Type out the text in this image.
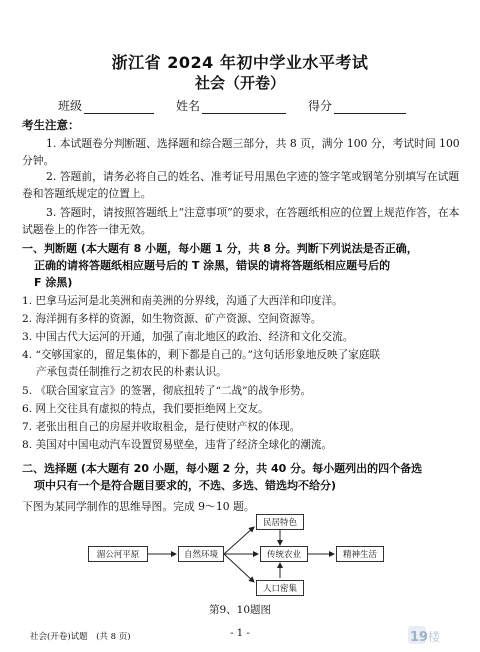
浙江省 2024 年初中学业水平考试
社会（开卷）
班级	姓名	得分
考生注意：
1. 本试题卷分判断题、选择题和综合题三部分，共 8 页，满分 100 分，考试时间 100 分钟。
2. 答题前，请务必将自己的姓名、准考证号用黑色字迹的签字笔或钢笔分别填写在试题卷和答题纸规定的位置上。
3. 答题时，请按照答题纸上“注意事项”的要求，在答题纸相应的位置上规范作答，在本试题卷上的作答一律无效。
一、判断题 (本大题有 8 小题，每小题 1 分，共 8 分。判断下列说法是否正确，
正确的请将答题纸相应题号后的 T 涂黑，错误的请将答题纸相应题号后的
F 涂黑)
1. 巴拿马运河是北美洲和南美洲的分界线，沟通了大西洋和印度洋。
2. 海洋拥有多样的资源，如生物资源、矿产资源、空间资源等。
3. 中国古代大运河的开通，加强了南北地区的政治、经济和文化交流。
4. “交够国家的，留足集体的，剩下都是自己的。”这句话形象地反映了家庭联
产承包责任制推行之初农民的朴素认识。
5. 《联合国家宣言》的签署，彻底扭转了“二战”的战争形势。
6. 网上交往具有虚拟的特点，我们要拒绝网上交友。
7. 老张出租自己的房屋并收取租金，是行使财产权的体现。
8. 美国对中国电动汽车设置贸易壁垒，违背了经济全球化的潮流。
二、选择题 (本大题有 20 小题，每小题 2 分，共 40 分。每小题列出的四个备选
项中只有一个是符合题目要求的，不选、多选、错选均不给分)
下图为某同学制作的思维导图。完成 9～10 题。
湄公河平原	自然环境
民居特色
传统农业	精神生活
人口密集
第9、10题图
社会(开卷)试题　(共 8 页)	- 1 -	19 楼
